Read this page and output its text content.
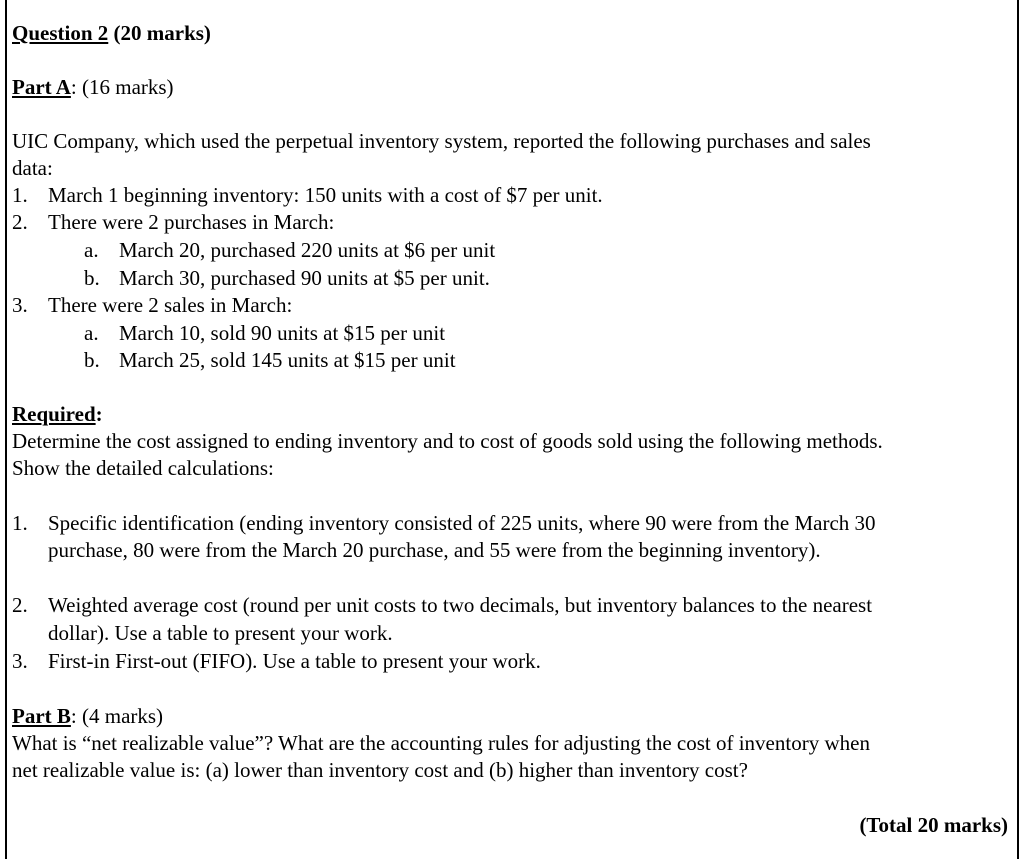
Question 2 (20 marks)
Part A: (16 marks)
UIC Company, which used the perpetual inventory system, reported the following purchases and sales
data:
1. March 1 beginning inventory: 150 units with a cost of $7 per unit.
2. There were 2 purchases in March:
a. March 20, purchased 220 units at $6 per unit
b. March 30, purchased 90 units at $5 per unit.
3. There were 2 sales in March:
a. March 10, sold 90 units at $15 per unit
b. March 25, sold 145 units at $15 per unit
Required:
Determine the cost assigned to ending inventory and to cost of goods sold using the following methods.
Show the detailed calculations:
1. Specific identification (ending inventory consisted of 225 units, where 90 were from the March 30
purchase, 80 were from the March 20 purchase, and 55 were from the beginning inventory).
2. Weighted average cost (round per unit costs to two decimals, but inventory balances to the nearest
dollar). Use a table to present your work.
3. First-in First-out (FIFO). Use a table to present your work.
Part B: (4 marks)
What is “net realizable value”? What are the accounting rules for adjusting the cost of inventory when
net realizable value is: (a) lower than inventory cost and (b) higher than inventory cost?
(Total 20 marks)
